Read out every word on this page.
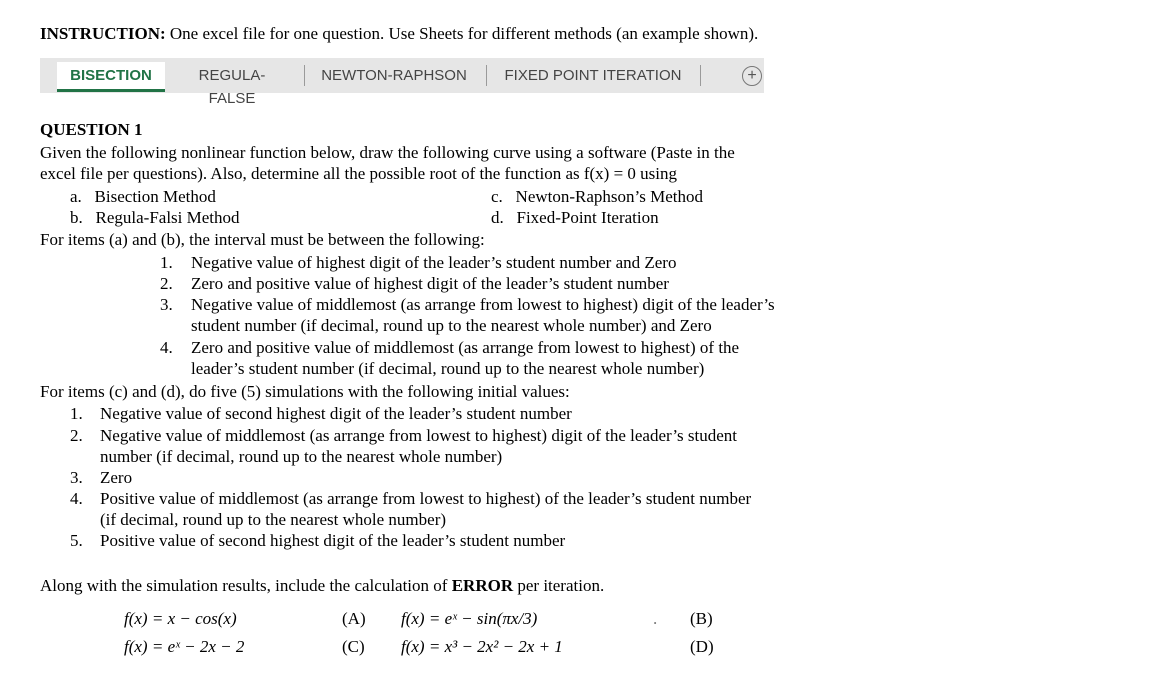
INSTRUCTION: One excel file for one question. Use Sheets for different methods (an example shown).
BISECTION	REGULA-FALSE
NEWTON-RAPHSON	FIXED POINT ITERATION	+
QUESTION 1
Given the following nonlinear function below, draw the following curve using a software (Paste in the
excel file per questions). Also, determine all the possible root of the function as f(x) = 0 using
a. Bisection Method
b. Regula-Falsi Method
c. Newton-Raphson’s Method
d. Fixed-Point Iteration
For items (a) and (b), the interval must be between the following:
1. Negative value of highest digit of the leader’s student number and Zero
2. Zero and positive value of highest digit of the leader’s student number
3. Negative value of middlemost (as arrange from lowest to highest) digit of the leader’s
student number (if decimal, round up to the nearest whole number) and Zero
4. Zero and positive value of middlemost (as arrange from lowest to highest) of the
leader’s student number (if decimal, round up to the nearest whole number)
For items (c) and (d), do five (5) simulations with the following initial values:
1. Negative value of second highest digit of the leader’s student number
2. Negative value of middlemost (as arrange from lowest to highest) digit of the leader’s student
number (if decimal, round up to the nearest whole number)
3. Zero
4. Positive value of middlemost (as arrange from lowest to highest) of the leader’s student number
(if decimal, round up to the nearest whole number)
5. Positive value of second highest digit of the leader’s student number
Along with the simulation results, include the calculation of ERROR per iteration.
f(x) = x − cos(x)	(A) f(x) = eˣ − sin(πx/3)	. (B)
f(x) = eˣ − 2x − 2	(C) f(x) = x³ − 2x² − 2x + 1	(D)
